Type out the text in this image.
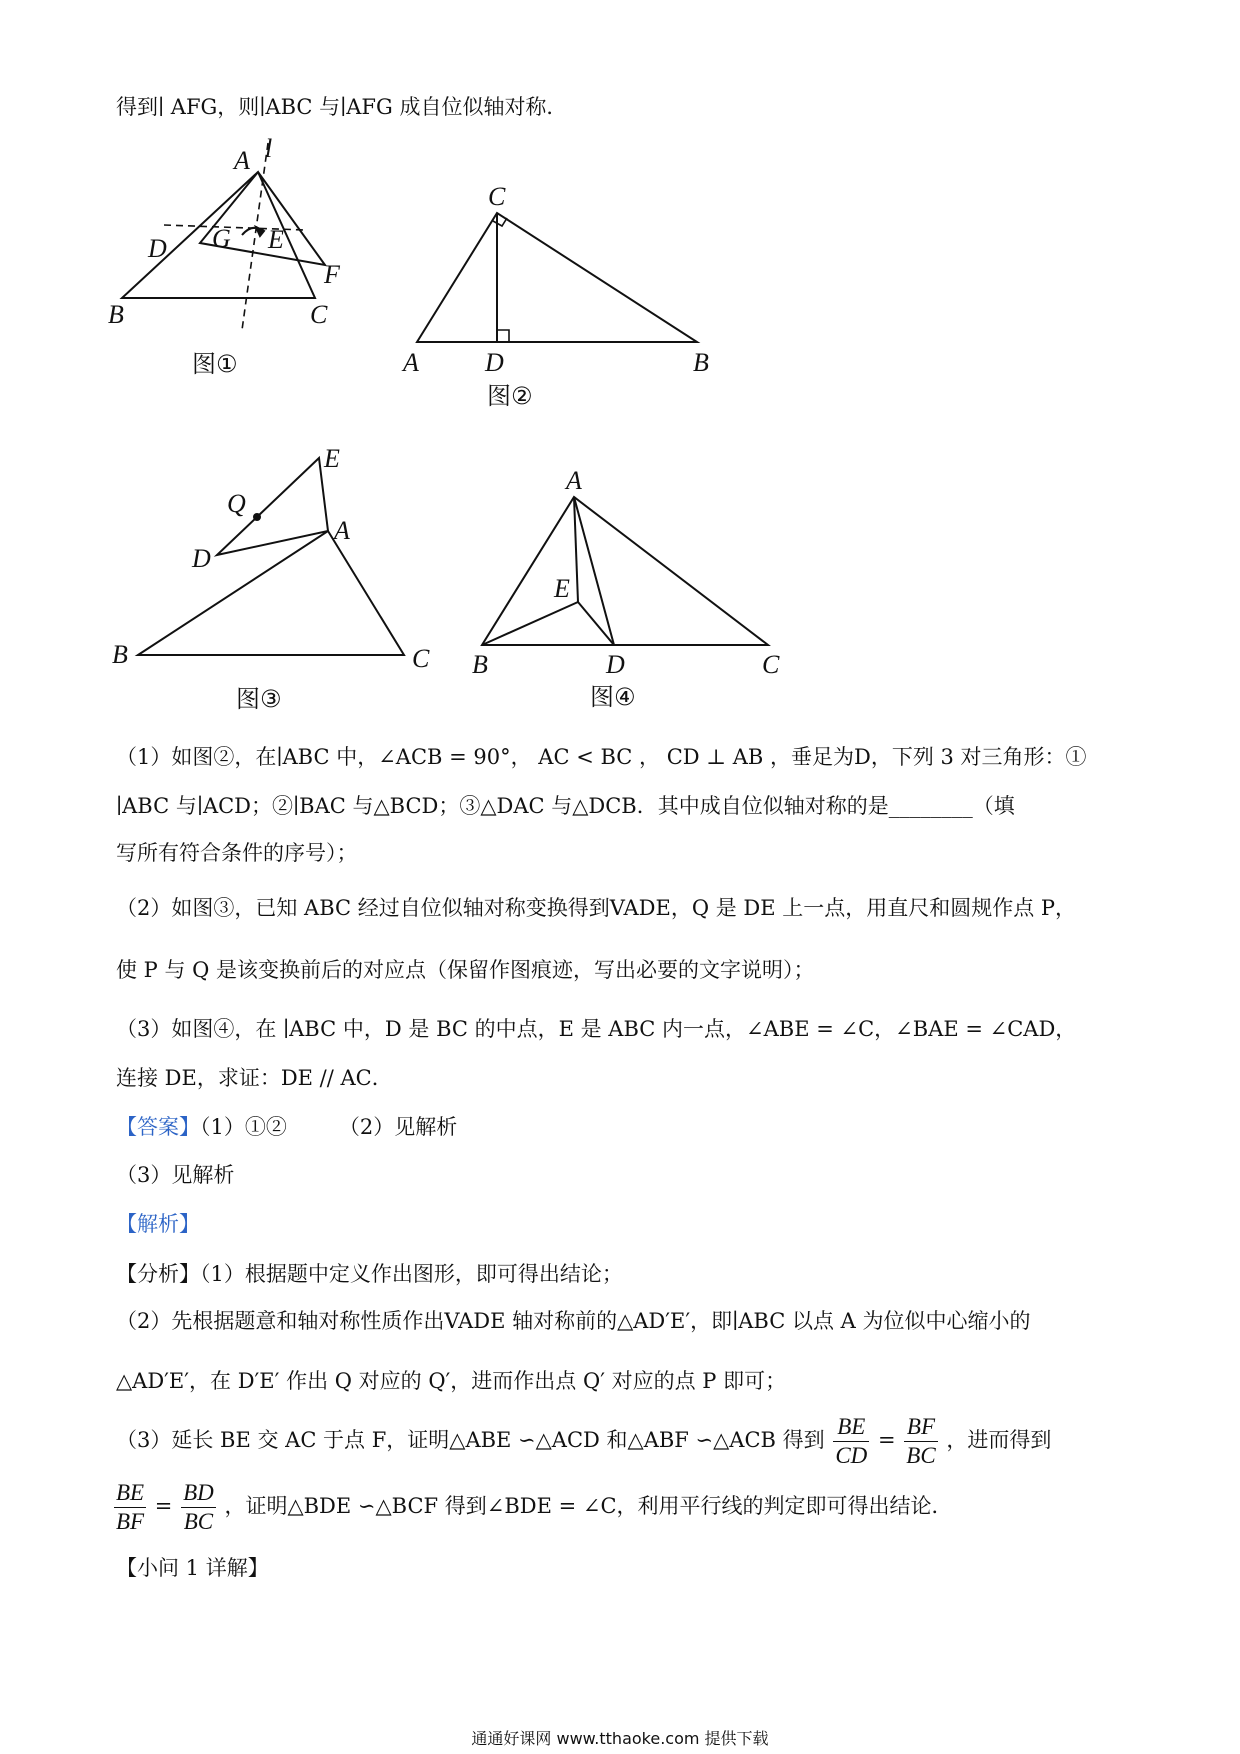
得到∣ AFG，则∣ABC 与∣AFG 成自位似轴对称．
A l
D G E
F
B	C
图①
C
A	D	B
图②
E
Q
A
D
B	C
图③
A
E
B	D	C
图④
（1）如图②，在∣ABC 中，∠ACB = 90°， AC < BC ， CD ⊥ AB ，垂足为D，下列 3 对三角形：①
∣ABC 与∣ACD；②∣BAC 与△BCD；③△DAC 与△DCB．其中成自位似轴对称的是________（填
写所有符合条件的序号）；
（2）如图③，已知 ABC 经过自位似轴对称变换得到VADE，Q 是 DE 上一点，用直尺和圆规作点 P，
使 P 与 Q 是该变换前后的对应点（保留作图痕迹，写出必要的文字说明）；
（3）如图④，在 ∣ABC 中，D 是 BC 的中点，E 是 ABC 内一点，∠ABE = ∠C，∠BAE = ∠CAD，
连接 DE，求证：DE // AC．
【答案】（1）①② （2）见解析
（3）见解析
【解析】
【分析】（1）根据题中定义作出图形，即可得出结论；
（2）先根据题意和轴对称性质作出VADE 轴对称前的△AD′E′，即∣ABC 以点 A 为位似中心缩小的
△AD′E′，在 D′E′ 作出 Q 对应的 Q′，进而作出点 Q′ 对应的点 P 即可；
（3）延长 BE 交 AC 于点 F，证明△ABE ∽△ACD 和△ABF ∽△ACB 得到 $\frac{BE}{CD} = \frac{BF}{BC}$ ，进而得到
$\frac{BE}{BF} = \frac{BD}{BC}$ ，证明△BDE ∽△BCF 得到∠BDE = ∠C，利用平行线的判定即可得出结论．
【小问 1 详解】
通通好课网 www.tthaoke.com 提供下载
